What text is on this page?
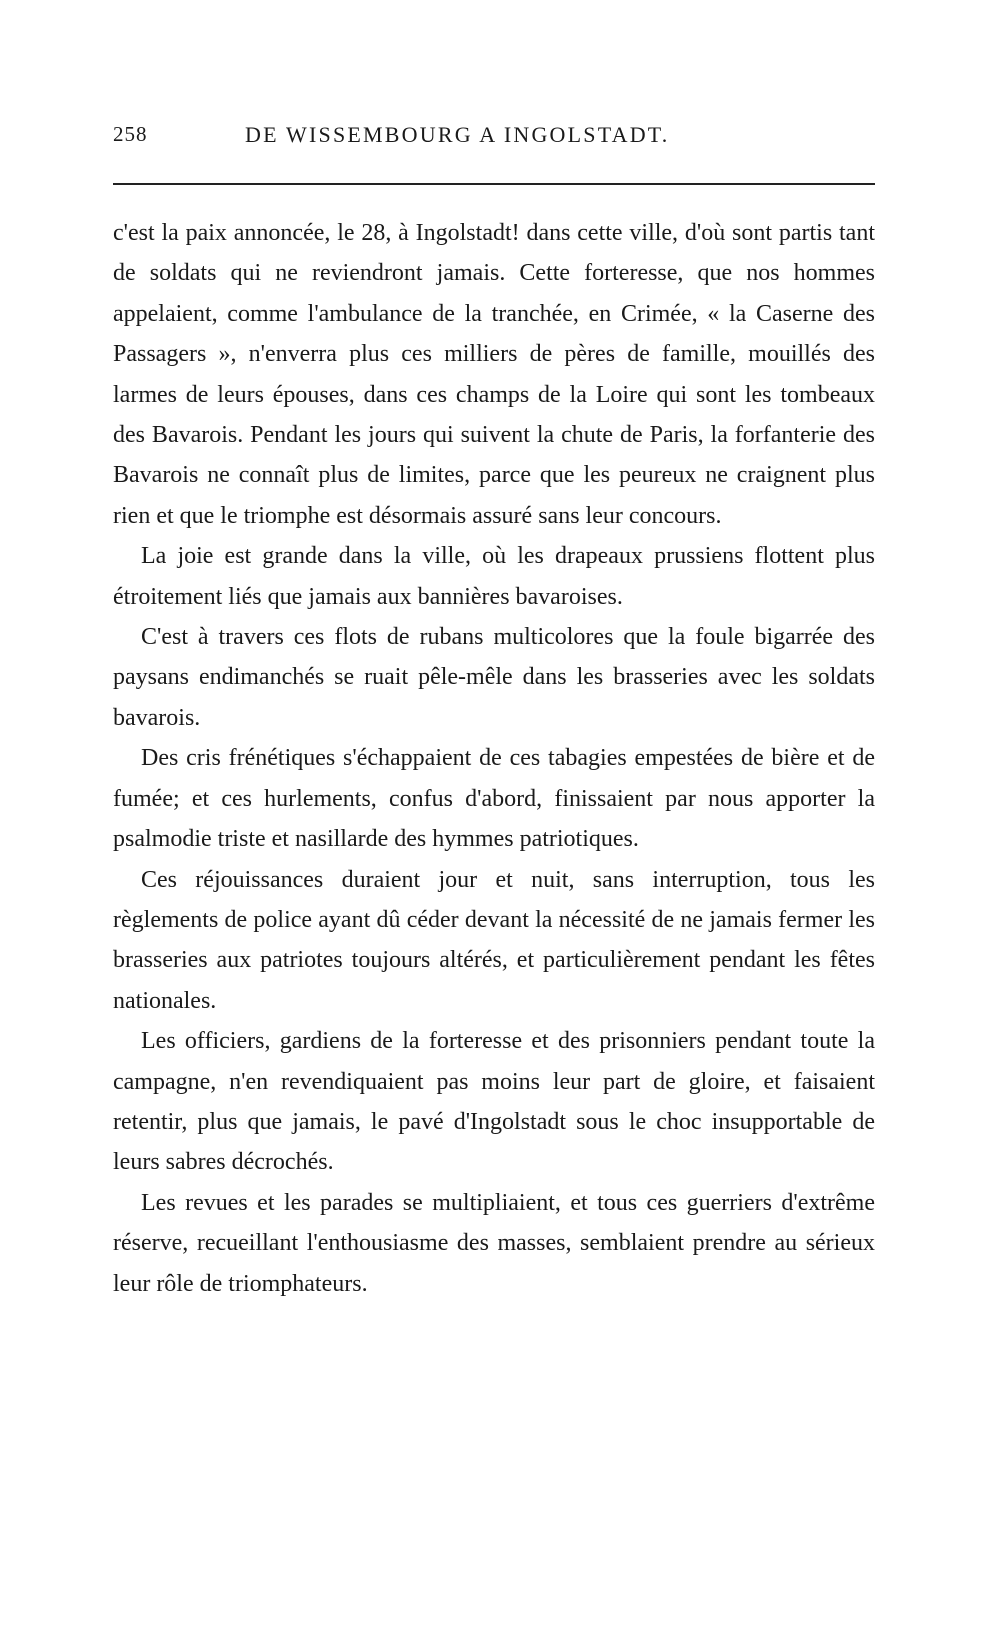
258	DE WISSEMBOURG A INGOLSTADT.

c'est la paix annoncée, le 28, à Ingolstadt! dans cette ville, d'où sont partis tant de soldats qui ne reviendront jamais. Cette forteresse, que nos hommes appelaient, comme l'ambulance de la tranchée, en Crimée, « la Caserne des Passagers », n'enverra plus ces milliers de pères de famille, mouillés des larmes de leurs épouses, dans ces champs de la Loire qui sont les tombeaux des Bavarois. Pendant les jours qui suivent la chute de Paris, la forfanterie des Bavarois ne connaît plus de limites, parce que les peureux ne craignent plus rien et que le triomphe est désormais assuré sans leur concours.

La joie est grande dans la ville, où les drapeaux prussiens flottent plus étroitement liés que jamais aux bannières bavaroises.

C'est à travers ces flots de rubans multicolores que la foule bigarrée des paysans endimanchés se ruait pêle-mêle dans les brasseries avec les soldats bavarois.

Des cris frénétiques s'échappaient de ces tabagies empestées de bière et de fumée; et ces hurlements, confus d'abord, finissaient par nous apporter la psalmodie triste et nasillarde des hymmes patriotiques.

Ces réjouissances duraient jour et nuit, sans interruption, tous les règlements de police ayant dû céder devant la nécessité de ne jamais fermer les brasseries aux patriotes toujours altérés, et particulièrement pendant les fêtes nationales.

Les officiers, gardiens de la forteresse et des prisonniers pendant toute la campagne, n'en revendiquaient pas moins leur part de gloire, et faisaient retentir, plus que jamais, le pavé d'Ingolstadt sous le choc insupportable de leurs sabres décrochés.

Les revues et les parades se multipliaient, et tous ces guerriers d'extrême réserve, recueillant l'enthousiasme des masses, semblaient prendre au sérieux leur rôle de triomphateurs.
